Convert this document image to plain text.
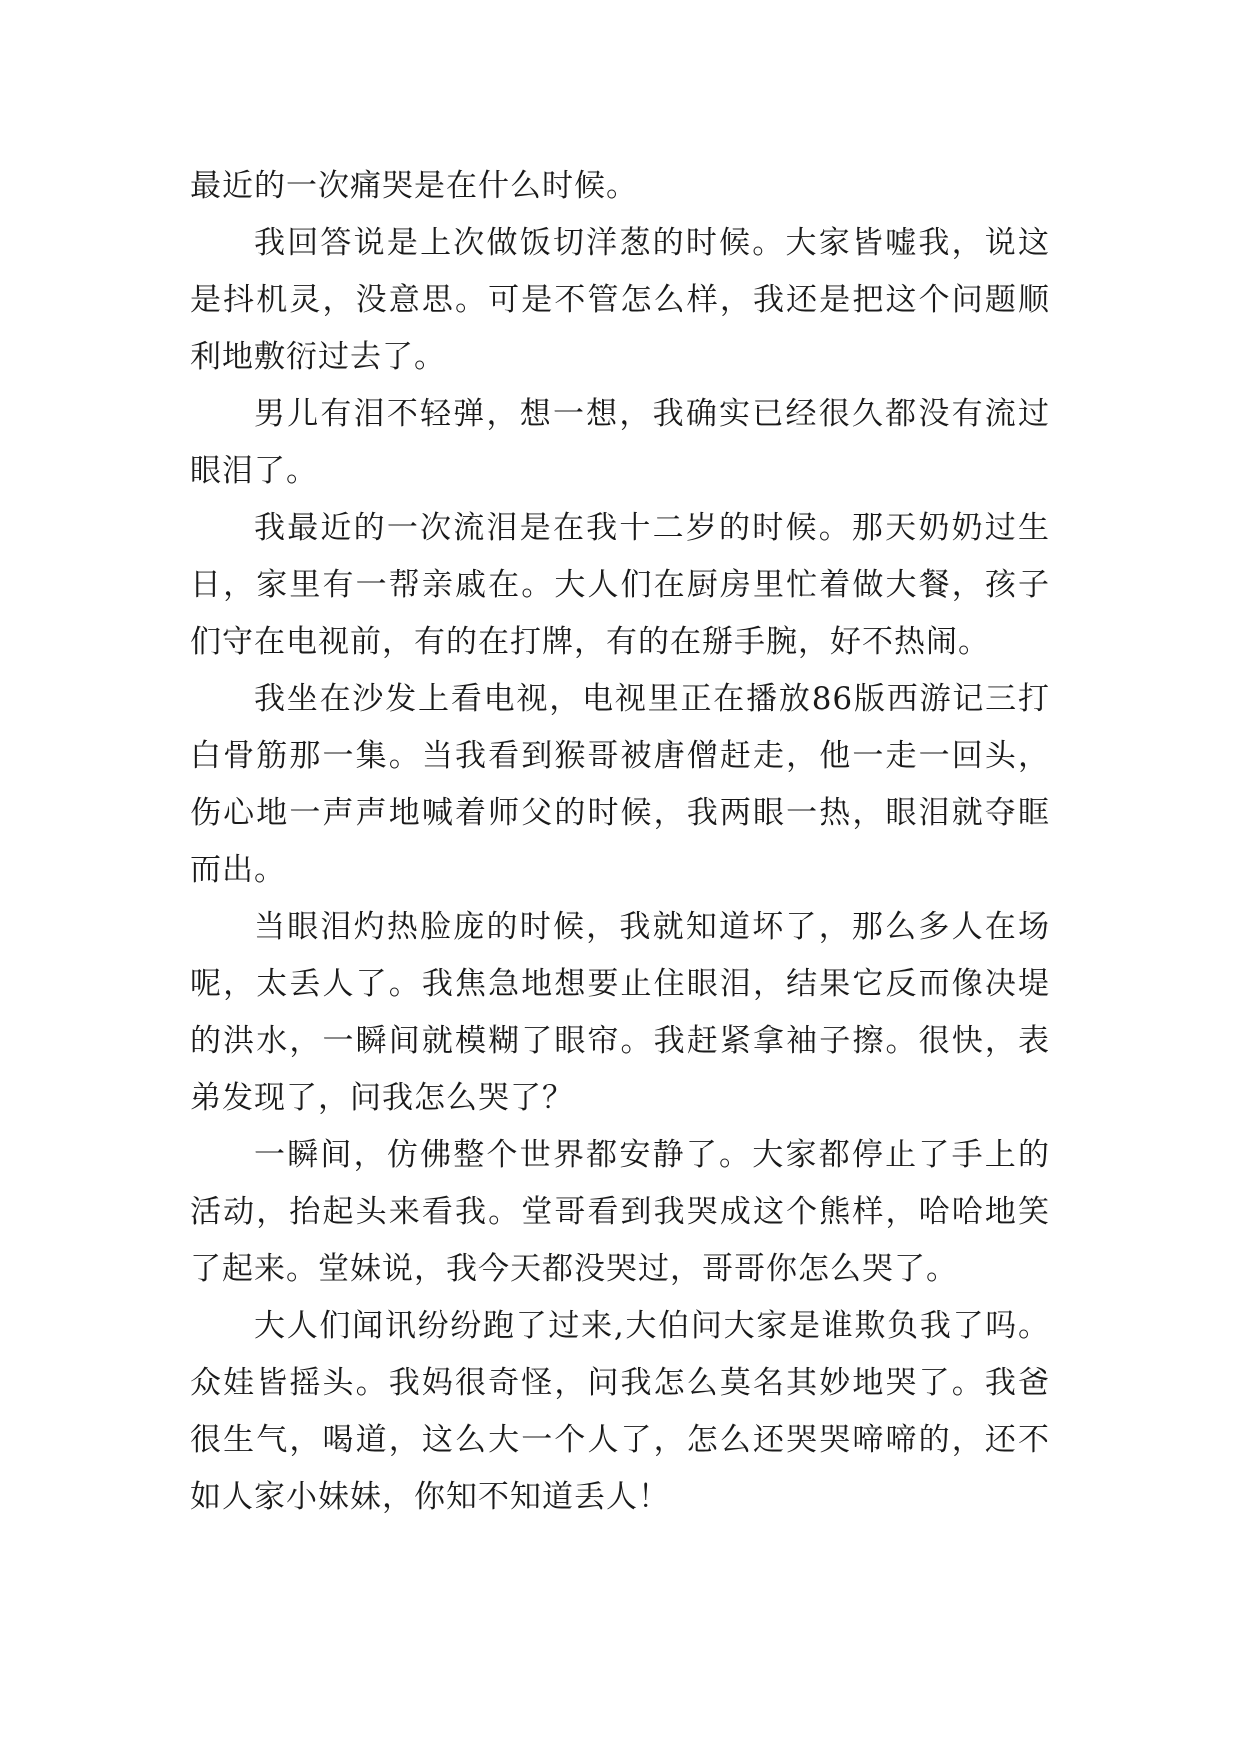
最近的一次痛哭是在什么时候。

我回答说是上次做饭切洋葱的时候。大家皆嘘我，说这是抖机灵，没意思。可是不管怎么样，我还是把这个问题顺利地敷衍过去了。

男儿有泪不轻弹，想一想，我确实已经很久都没有流过眼泪了。

我最近的一次流泪是在我十二岁的时候。那天奶奶过生日，家里有一帮亲戚在。大人们在厨房里忙着做大餐，孩子们守在电视前，有的在打牌，有的在掰手腕，好不热闹。

我坐在沙发上看电视，电视里正在播放86版西游记三打白骨筋那一集。当我看到猴哥被唐僧赶走，他一走一回头，伤心地一声声地喊着师父的时候，我两眼一热，眼泪就夺眶而出。

当眼泪灼热脸庞的时候，我就知道坏了，那么多人在场呢，太丢人了。我焦急地想要止住眼泪，结果它反而像决堤的洪水，一瞬间就模糊了眼帘。我赶紧拿袖子擦。很快，表弟发现了，问我怎么哭了？

一瞬间，仿佛整个世界都安静了。大家都停止了手上的活动，抬起头来看我。堂哥看到我哭成这个熊样，哈哈地笑了起来。堂妹说，我今天都没哭过，哥哥你怎么哭了。

大人们闻讯纷纷跑了过来,大伯问大家是谁欺负我了吗。众娃皆摇头。我妈很奇怪，问我怎么莫名其妙地哭了。我爸很生气，喝道，这么大一个人了，怎么还哭哭啼啼的，还不如人家小妹妹，你知不知道丢人！
